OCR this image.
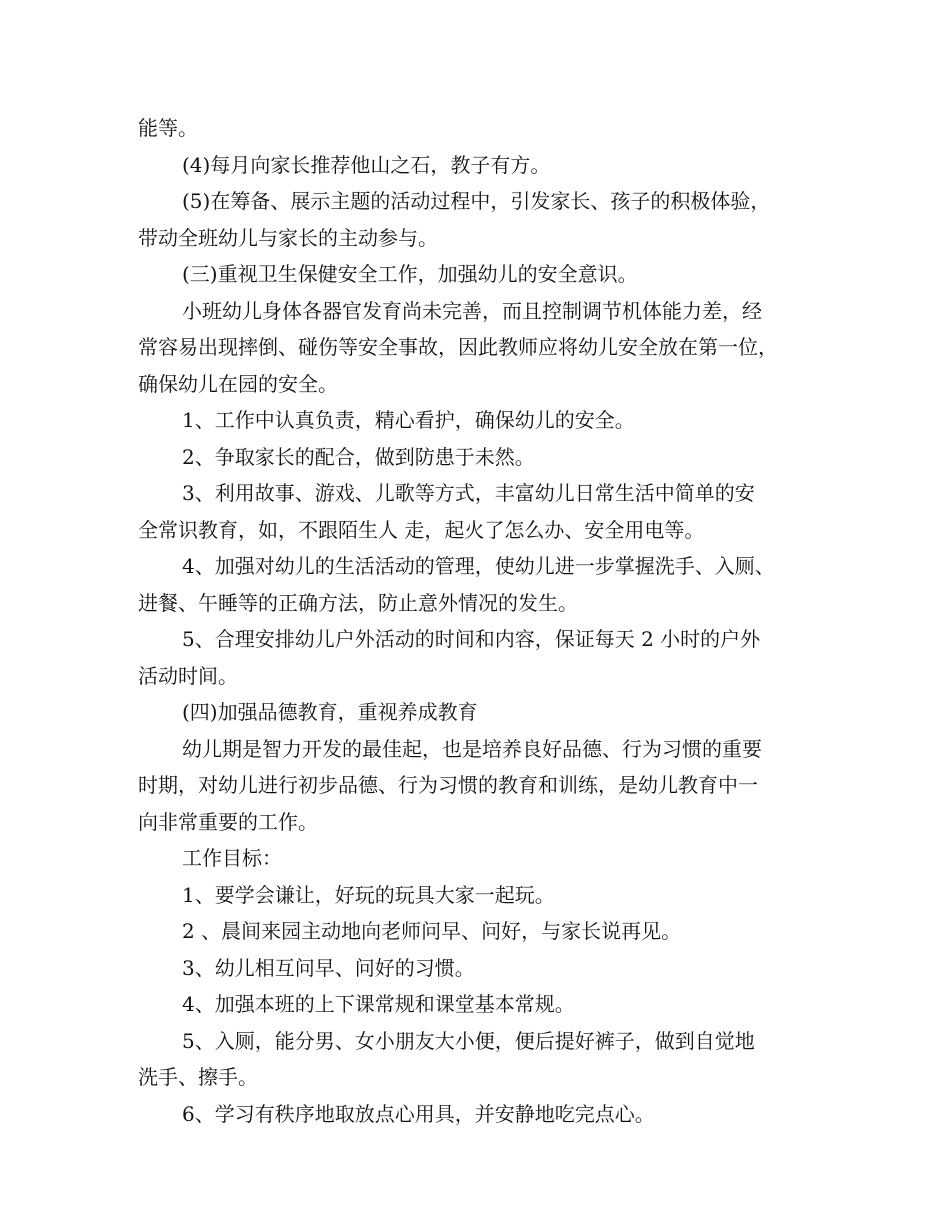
能等。
(4)每月向家长推荐他山之石，教子有方。
(5)在筹备、展示主题的活动过程中，引发家长、孩子的积极体验，
带动全班幼儿与家长的主动参与。
(三)重视卫生保健安全工作，加强幼儿的安全意识。
小班幼儿身体各器官发育尚未完善，而且控制调节机体能力差，经
常容易出现摔倒、碰伤等安全事故，因此教师应将幼儿安全放在第一位，
确保幼儿在园的安全。
1、工作中认真负责，精心看护，确保幼儿的安全。
2、争取家长的配合，做到防患于未然。
3、利用故事、游戏、儿歌等方式，丰富幼儿日常生活中简单的安
全常识教育，如，不跟陌生人 走，起火了怎么办、安全用电等。
4、加强对幼儿的生活活动的管理，使幼儿进一步掌握洗手、入厕、
进餐、午睡等的正确方法，防止意外情况的发生。
5、合理安排幼儿户外活动的时间和内容，保证每天 2 小时的户外
活动时间。
(四)加强品德教育，重视养成教育
幼儿期是智力开发的最佳起，也是培养良好品德、行为习惯的重要
时期，对幼儿进行初步品德、行为习惯的教育和训练，是幼儿教育中一
向非常重要的工作。
工作目标：
1、要学会谦让，好玩的玩具大家一起玩。
2 、晨间来园主动地向老师问早、问好，与家长说再见。
3、幼儿相互问早、问好的习惯。
4、加强本班的上下课常规和课堂基本常规。
5、入厕，能分男、女小朋友大小便，便后提好裤子，做到自觉地
洗手、擦手。
6、学习有秩序地取放点心用具，并安静地吃完点心。
